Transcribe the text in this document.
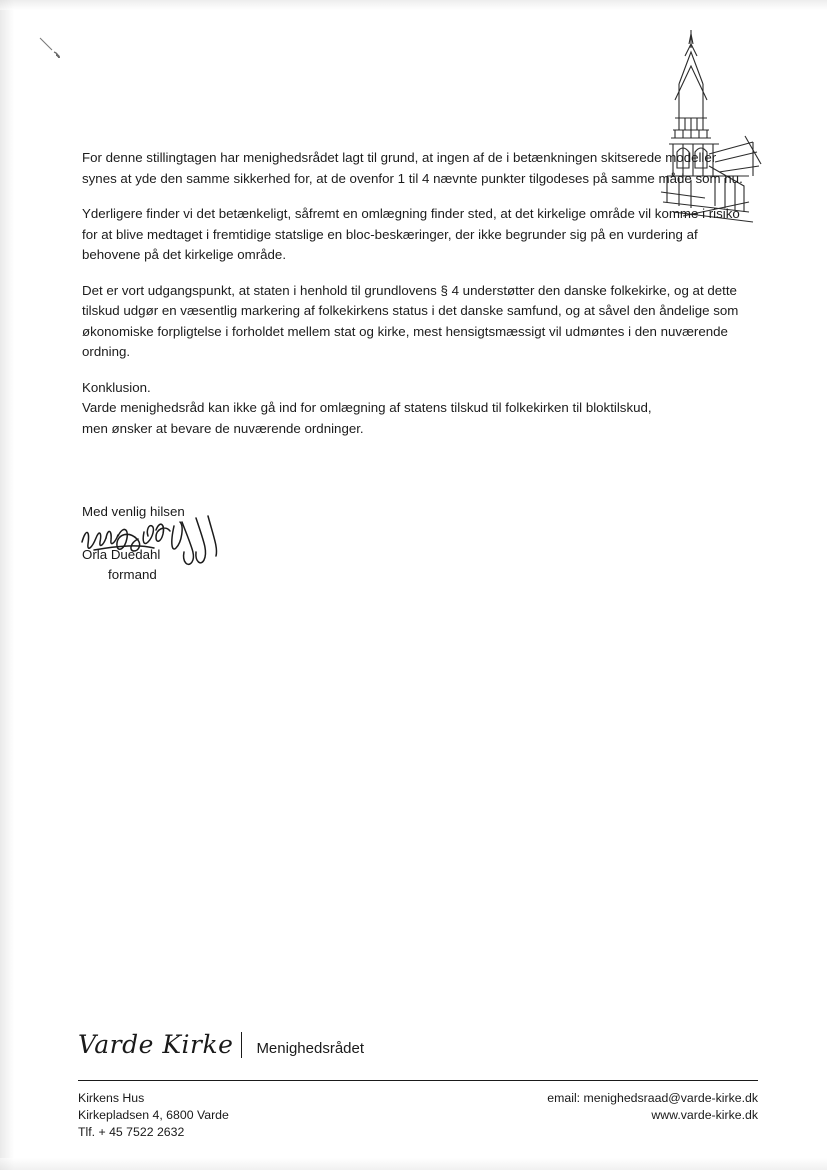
For denne stillingtagen har menighedsrådet lagt til grund, at ingen af de i betænkningen skitserede modeller synes at yde den samme sikkerhed for, at de ovenfor 1 til 4 nævnte punkter tilgodeses på samme måde som nu.

Yderligere finder vi det betænkeligt, såfremt en omlægning finder sted, at det kirkelige område vil komme i risiko for at blive medtaget i fremtidige statslige en bloc-beskæringer, der ikke begrunder sig på en vurdering af behovene på det kirkelige område.

Det er vort udgangspunkt, at staten i henhold til grundlovens § 4 understøtter den danske folkekirke, og at dette tilskud udgør en væsentlig markering af folkekirkens status i det danske samfund, og at såvel den åndelige som økonomiske forpligtelse i forholdet mellem stat og kirke, mest hensigtsmæssigt vil udmøntes i den nuværende ordning.

Konklusion.

Varde menighedsråd kan ikke gå ind for omlægning af statens tilskud til folkekirken til bloktilskud,

men ønsker at bevare de nuværende ordninger.

Med venlig hilsen

Orla Duedahl

formand

Varde Kirke Menighedsrådet
Kirkens Hus
Kirkepladsen 4, 6800 Varde
Tlf. + 45 7522 2632
email: menighedsraad@varde-kirke.dk
www.varde-kirke.dk
